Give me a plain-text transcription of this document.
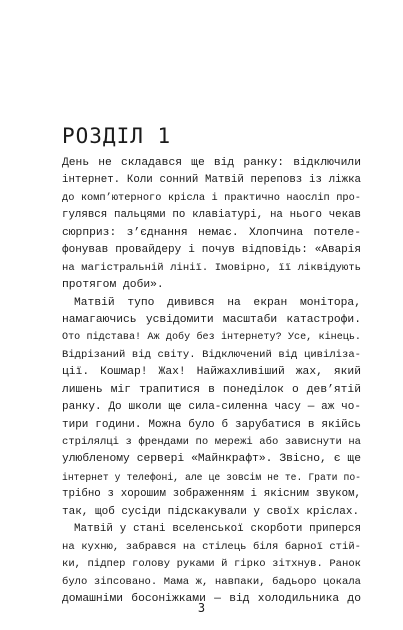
РОЗДІЛ 1
День не складався ще від ранку: відключили
інтернет. Коли сонний Матвій переповз із ліжка
до комп’ютерного крісла і практично наосліп про-
гулявся пальцями по клавіатурі, на нього чекав
сюрприз: з’єднання немає. Хлопчина потеле-
фонував провайдеру і почув відповідь: «Аварія
на магістральній лінії. Імовірно, її ліквідують
протягом доби».
Матвій тупо дивився на екран монітора,
намагаючись усвідомити масштаби катастрофи.
Ото підстава! Аж добу без інтернету? Усе, кінець.
Відрізаний від світу. Відключений від цивіліза-
ції. Кошмар! Жах! Найжахливіший жах, який
лишень міг трапитися в понеділок о дев’ятій
ранку. До школи ще сила-силенна часу — аж чо-
тири години. Можна було б зарубатися в якійсь
стрілялці з френдами по мережі або зависнути на
улюбленому сервері «Майнкрафт». Звісно, є ще
інтернет у телефоні, але це зовсім не те. Грати по-
трібно з хорошим зображенням і якісним звуком,
так, щоб сусіди підскакували у своїх кріслах.
Матвій у стані вселенської скорботи приперся
на кухню, забрався на стілець біля барної стій-
ки, підпер голову руками й гірко зітхнув. Ранок
було зіпсовано. Мама ж, навпаки, бадьоро цокала
домашніми босоніжками — від холодильника до
3
